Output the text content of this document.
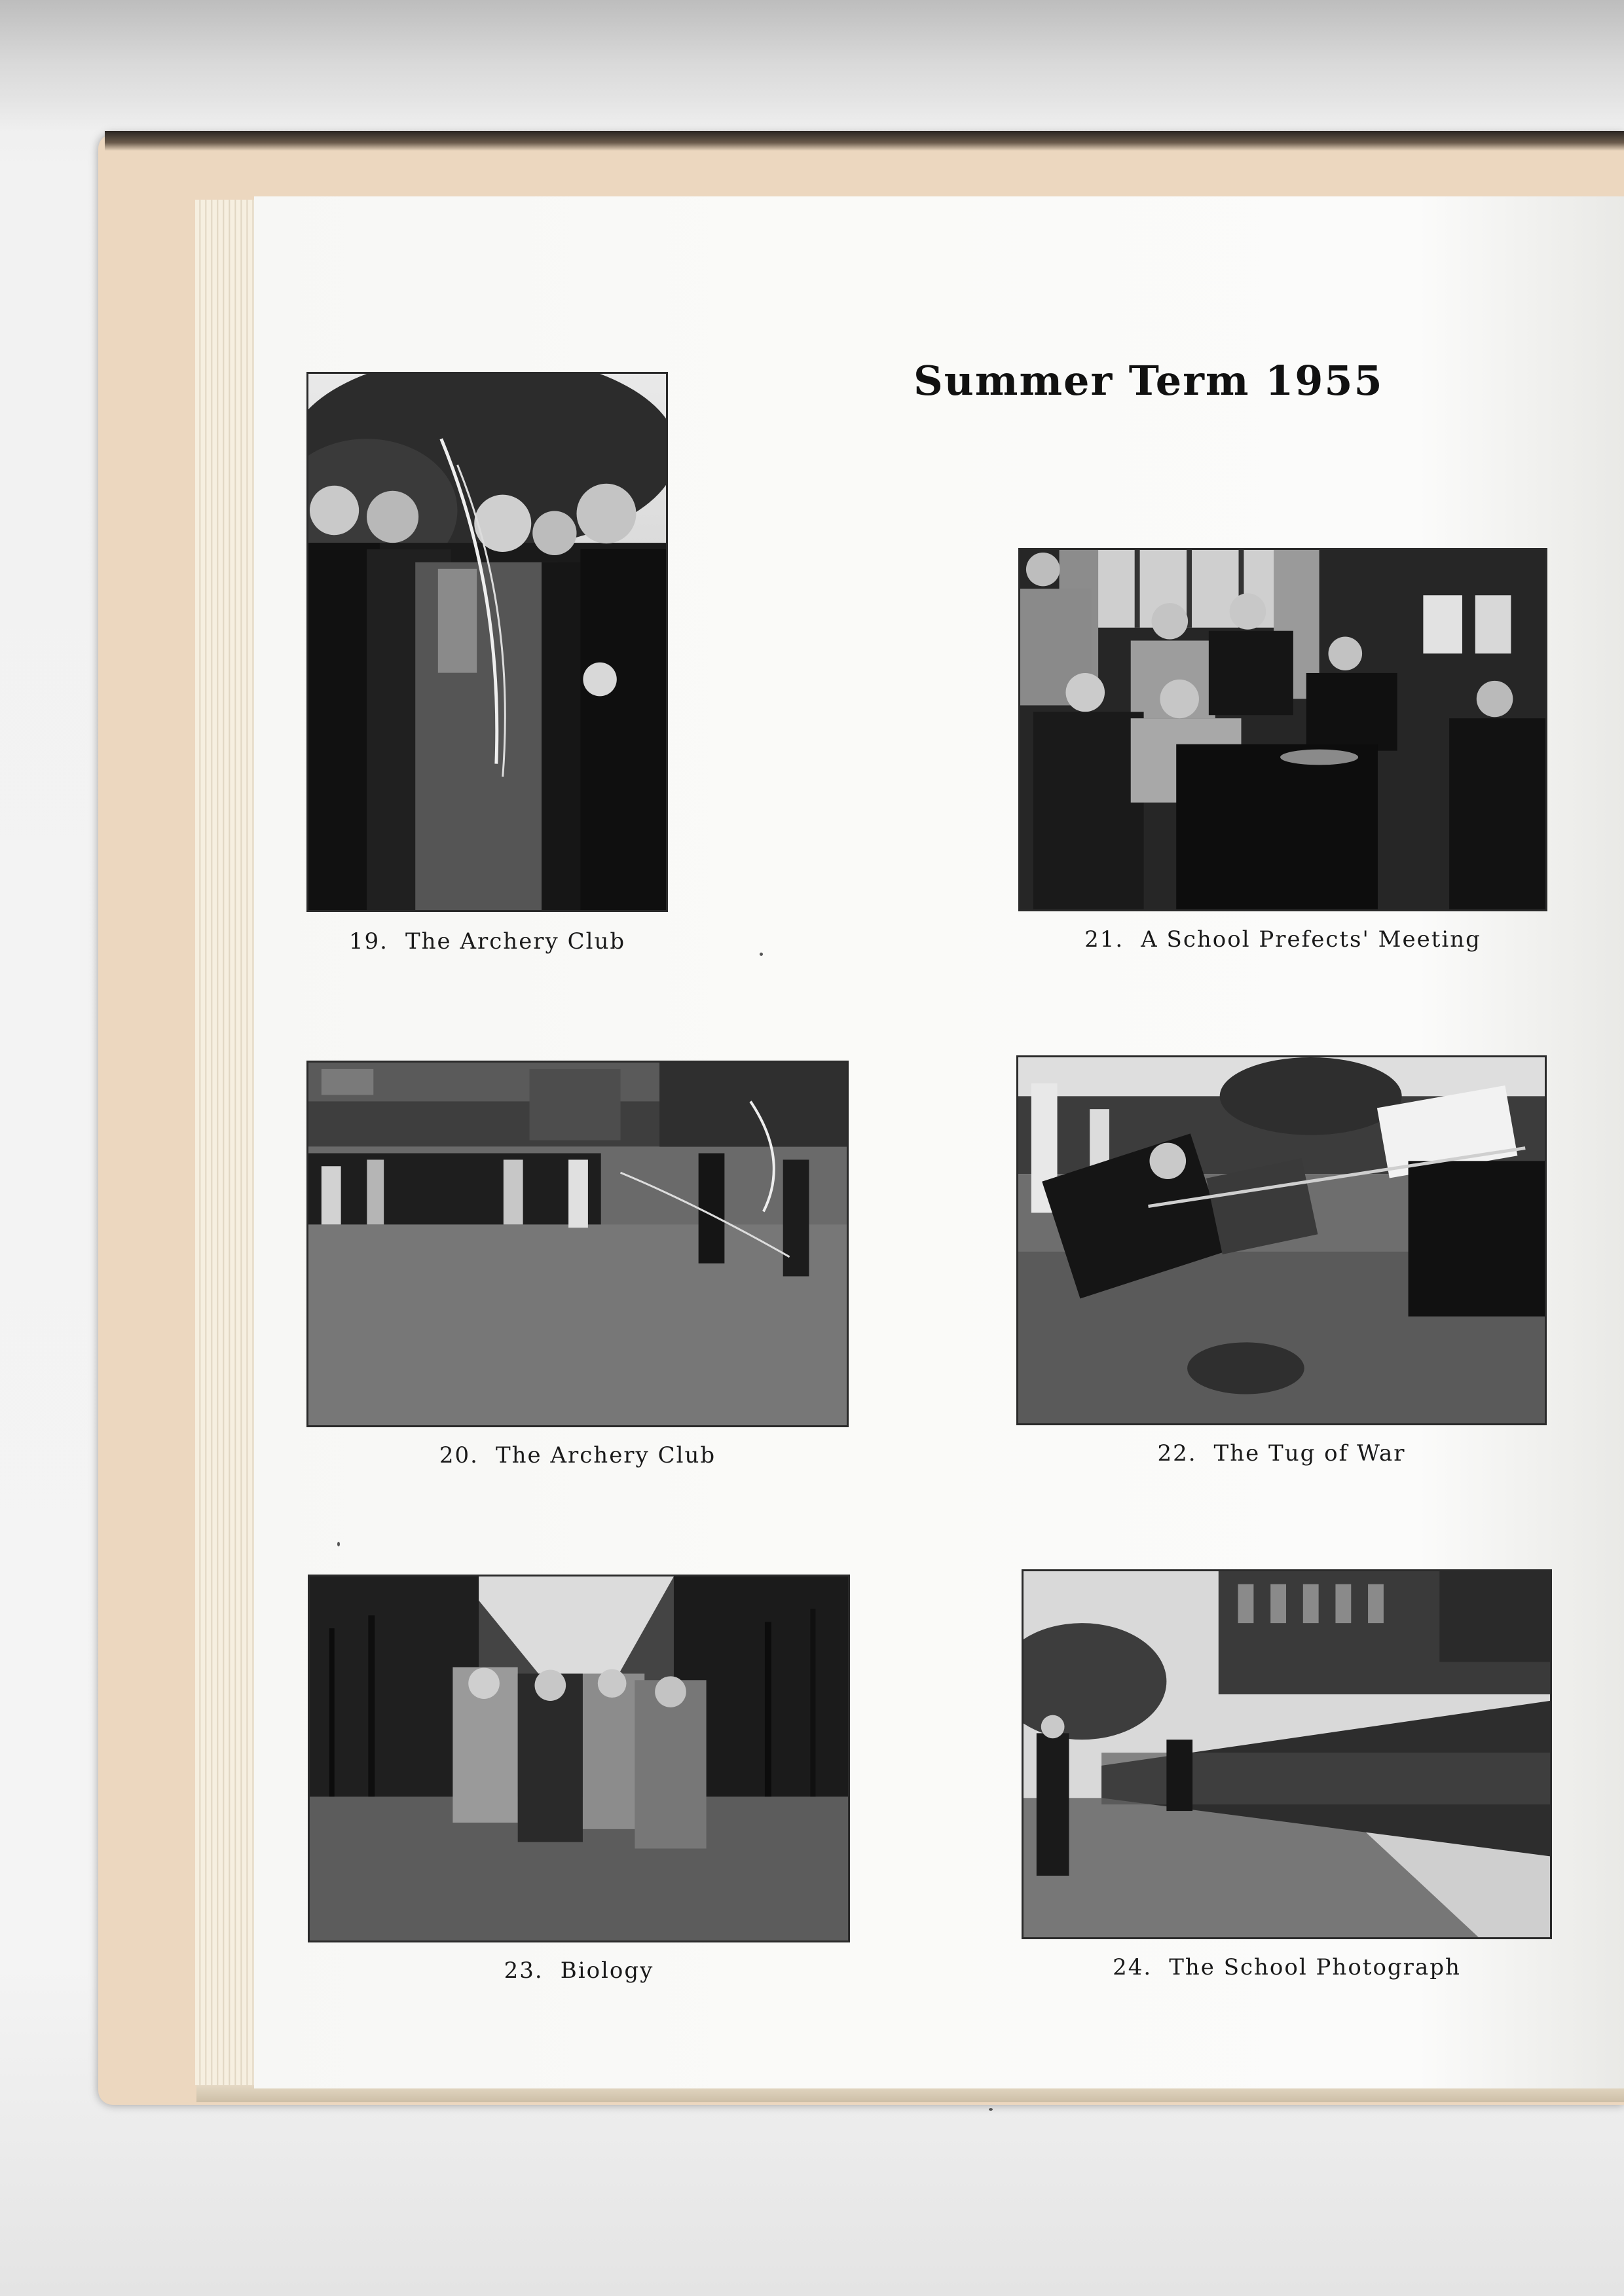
Summer Term 1955
19. The Archery Club
20. The Archery Club
21. A School Prefects' Meeting
22. The Tug of War
23. Biology	24. The School Photograph
